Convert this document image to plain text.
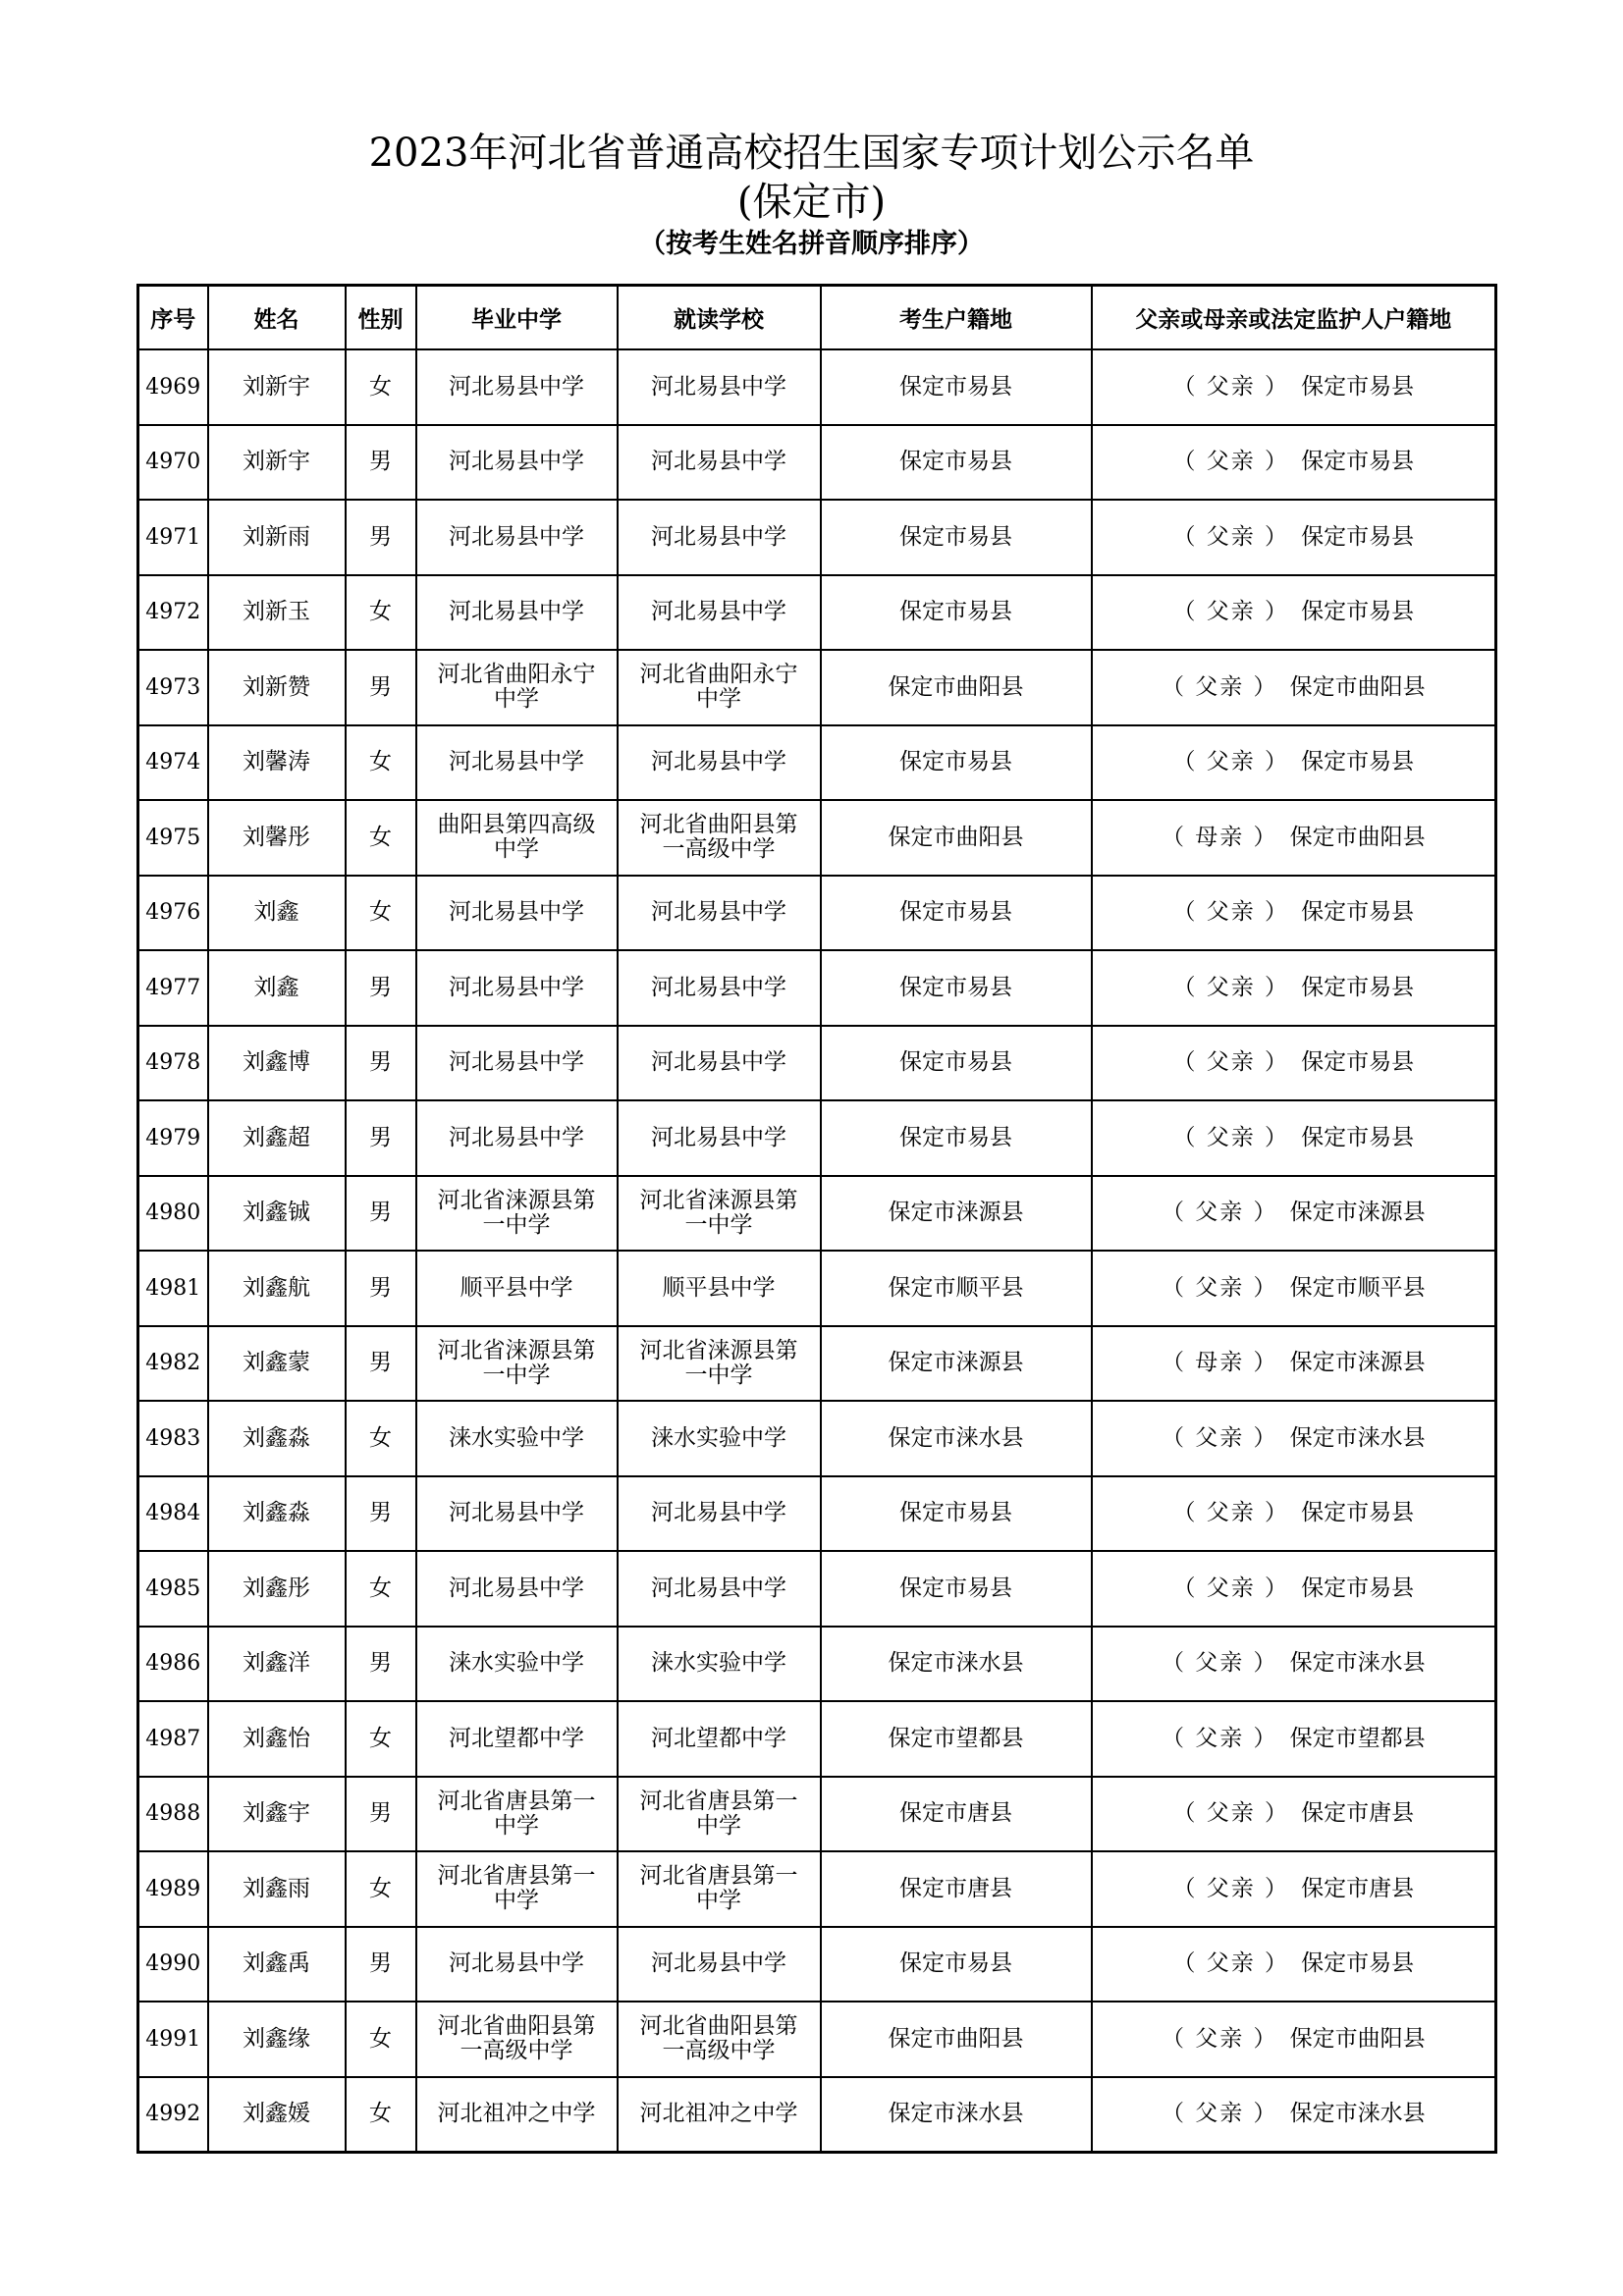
2023年河北省普通高校招生国家专项计划公示名单
(保定市)
（按考生姓名拼音顺序排序）
序号	姓名	性别	毕业中学	就读学校	考生户籍地	父亲或母亲或法定监护人户籍地
4969	刘新宇	女	河北易县中学	河北易县中学	保定市易县	（ 父亲 ） 保定市易县
4970	刘新宇	男	河北易县中学	河北易县中学	保定市易县	（ 父亲 ） 保定市易县
4971	刘新雨	男	河北易县中学	河北易县中学	保定市易县	（ 父亲 ） 保定市易县
4972	刘新玉	女	河北易县中学	河北易县中学	保定市易县	（ 父亲 ） 保定市易县
4973	刘新赞	男	河北省曲阳永宁中学	河北省曲阳永宁中学	保定市曲阳县	（ 父亲 ） 保定市曲阳县
4974	刘馨涛	女	河北易县中学	河北易县中学	保定市易县	（ 父亲 ） 保定市易县
4975	刘馨彤	女	曲阳县第四高级中学	河北省曲阳县第一高级中学	保定市曲阳县	（ 母亲 ） 保定市曲阳县
4976	刘鑫	女	河北易县中学	河北易县中学	保定市易县	（ 父亲 ） 保定市易县
4977	刘鑫	男	河北易县中学	河北易县中学	保定市易县	（ 父亲 ） 保定市易县
4978	刘鑫博	男	河北易县中学	河北易县中学	保定市易县	（ 父亲 ） 保定市易县
4979	刘鑫超	男	河北易县中学	河北易县中学	保定市易县	（ 父亲 ） 保定市易县
4980	刘鑫铖	男	河北省涞源县第一中学	河北省涞源县第一中学	保定市涞源县	（ 父亲 ） 保定市涞源县
4981	刘鑫航	男	顺平县中学	顺平县中学	保定市顺平县	（ 父亲 ） 保定市顺平县
4982	刘鑫蒙	男	河北省涞源县第一中学	河北省涞源县第一中学	保定市涞源县	（ 母亲 ） 保定市涞源县
4983	刘鑫淼	女	涞水实验中学	涞水实验中学	保定市涞水县	（ 父亲 ） 保定市涞水县
4984	刘鑫淼	男	河北易县中学	河北易县中学	保定市易县	（ 父亲 ） 保定市易县
4985	刘鑫彤	女	河北易县中学	河北易县中学	保定市易县	（ 父亲 ） 保定市易县
4986	刘鑫洋	男	涞水实验中学	涞水实验中学	保定市涞水县	（ 父亲 ） 保定市涞水县
4987	刘鑫怡	女	河北望都中学	河北望都中学	保定市望都县	（ 父亲 ） 保定市望都县
4988	刘鑫宇	男	河北省唐县第一中学	河北省唐县第一中学	保定市唐县	（ 父亲 ） 保定市唐县
4989	刘鑫雨	女	河北省唐县第一中学	河北省唐县第一中学	保定市唐县	（ 父亲 ） 保定市唐县
4990	刘鑫禹	男	河北易县中学	河北易县中学	保定市易县	（ 父亲 ） 保定市易县
4991	刘鑫缘	女	河北省曲阳县第一高级中学	河北省曲阳县第一高级中学	保定市曲阳县	（ 父亲 ） 保定市曲阳县
4992	刘鑫媛	女	河北祖冲之中学	河北祖冲之中学	保定市涞水县	（ 父亲 ） 保定市涞水县
